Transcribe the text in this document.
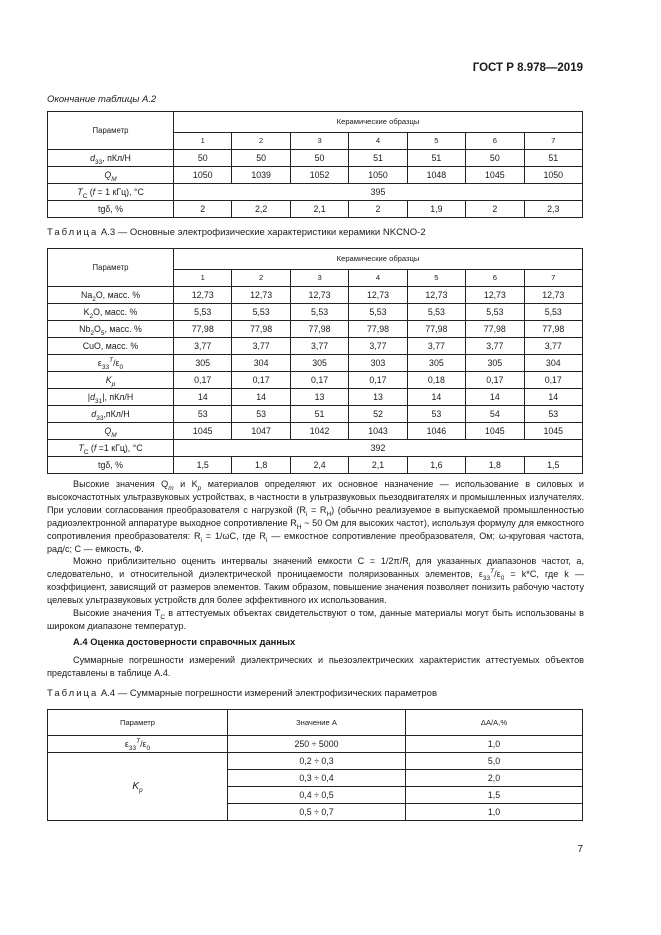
ГОСТ Р 8.978—2019
Окончание таблицы А.2
Параметр	Керамические образцы						
	1	2	3	4	5	6	7
$d_{33}$, пКл/Н	50	50	50	51	51	50	51
$Q_M$	1050	1039	1052	1050	1048	1045	1050
$T_C$ (f = 1 кГц), °C	395						
tgδ, %	2	2,2	2,1	2	1,9	2	2,3
Таблица А.3 — Основные электрофизические характеристики керамики NKCNO-2
Параметр	Керамические образцы						
	1	2	3	4	5	6	7
$Na_2O$, масс. %	12,73	12,73	12,73	12,73	12,73	12,73	12,73
$K_2O$, масс. %	5,53	5,53	5,53	5,53	5,53	5,53	5,53
$Nb_2O_5$, масс. %	77,98	77,98	77,98	77,98	77,98	77,98	77,98
CuO, масс. %	3,77	3,77	3,77	3,77	3,77	3,77	3,77
$\varepsilon_{33}^T/\varepsilon_0$	305	304	305	303	305	305	304
$K_p$	0,17	0,17	0,17	0,17	0,18	0,17	0,17
$|d_{31}|$, пКл/Н	14	14	13	13	14	14	14
$d_{33},пКл/Н$	53	53	51	52	53	54	53
$Q_M$	1045	1047	1042	1043	1046	1045	1045
$T_C$ (f =1 кГц), °C	392						
tgδ, %	1,5	1,8	2,4	2,1	1,6	1,8	1,5

Высокие значения $Q_m$ и $K_p$ материалов определяют их основное назначение — использование в силовых и высокочастотных ультразвуковых устройствах, в частности в ультразвуковых пьезодвигателях и промышленных излучателях. При условии согласования преобразователя с нагрузкой $(R_i = R_H)$ (обычно реализуемое в выпускаемой промышленностью радиоэлектронной аппаратуре выходное сопротивление $R_H$ ~ 50 Ом для высоких частот), используя формулу для емкостного сопротивления преобразователя: $R_i = 1/\omega C$, где $R_i$ — емкостное сопротивление преобразователя, Ом; ω-круговая частота, рад/с; C — емкость, Ф.

Можно приблизительно оценить интервалы значений емкости $C = 1/2\pi/R_i$ для указанных диапазонов частот, a, следовательно, и относительной диэлектрической проницаемости поляризованных элементов, $\varepsilon_{33}^T/\varepsilon_0 = k*C$, где k — коэффициент, зависящий от размеров элементов. Таким образом, повышение значения позволяет понизить рабочую частоту целевых ультразвуковых устройств для более эффективного их использования.

Высокие значения $T_C$ в аттестуемых объектах свидетельствуют о том, данные материалы могут быть использованы в широком диапазоне температур.

А.4 Оценка достоверности справочных данных

Суммарные погрешности измерений диэлектрических и пьезоэлектрических характеристик аттестуемых объектов представлены в таблице А.4.

Таблица А.4 — Суммарные погрешности измерений электрофизических параметров
Параметр	Значение А	ΔA/A,%
$\varepsilon_{33}^T/\varepsilon_0$	250 ÷ 5000	1,0
$K_p$	0,2 ÷ 0,3	5,0
	0,3 ÷ 0,4	2,0
	0,4 ÷ 0,5	1,5
	0,5 ÷ 0,7	1,0
7
